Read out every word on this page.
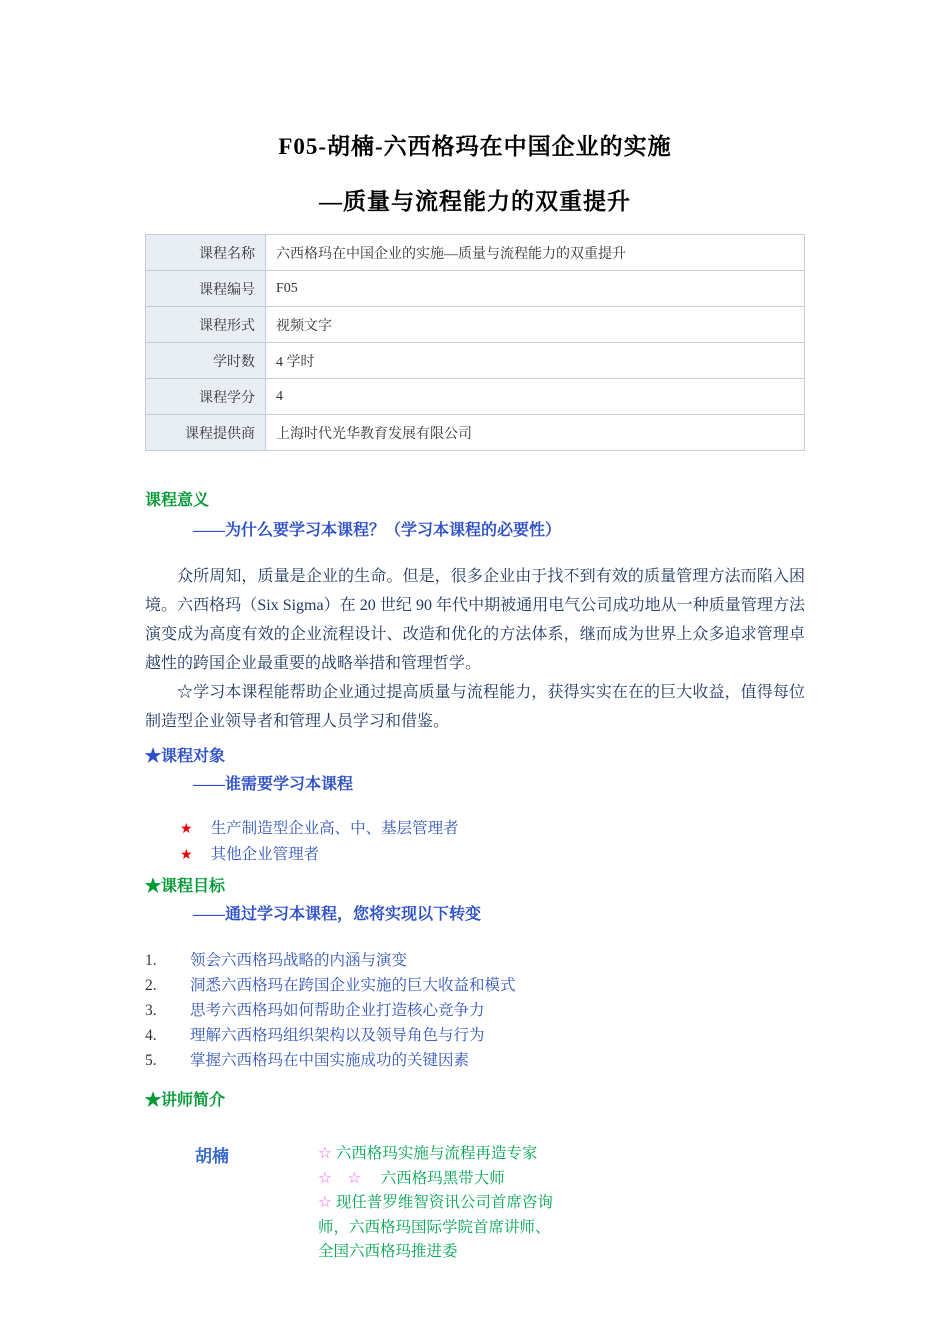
F05-胡楠-六西格玛在中国企业的实施
—质量与流程能力的双重提升
课程名称	六西格玛在中国企业的实施—质量与流程能力的双重提升
课程编号	F05
课程形式	视频文字
学时数	4 学时
课程学分	4
课程提供商	上海时代光华教育发展有限公司
课程意义
——为什么要学习本课程？（学习本课程的必要性）

众所周知，质量是企业的生命。但是，很多企业由于找不到有效的质量管理方法而陷入困境。六西格玛（Six Sigma）在 20 世纪 90 年代中期被通用电气公司成功地从一种质量管理方法演变成为高度有效的企业流程设计、改造和优化的方法体系，继而成为世界上众多追求管理卓越性的跨国企业最重要的战略举措和管理哲学。

☆学习本课程能帮助企业通过提高质量与流程能力，获得实实在在的巨大收益，值得每位制造型企业领导者和管理人员学习和借鉴。

★课程对象
——谁需要学习本课程
★ 生产制造型企业高、中、基层管理者
★ 其他企业管理者
★课程目标
——通过学习本课程，您将实现以下转变
1.	领会六西格玛战略的内涵与演变
2.	洞悉六西格玛在跨国企业实施的巨大收益和模式
3.	思考六西格玛如何帮助企业打造核心竞争力
4.	理解六西格玛组织架构以及领导角色与行为
5.	掌握六西格玛在中国实施成功的关键因素
★讲师简介
胡楠	☆ 六西格玛实施与流程再造专家
☆　☆　六西格玛黑带大师
☆ 现任普罗维智资讯公司首席咨询师，六西格玛国际学院首席讲师、全国六西格玛推进委
